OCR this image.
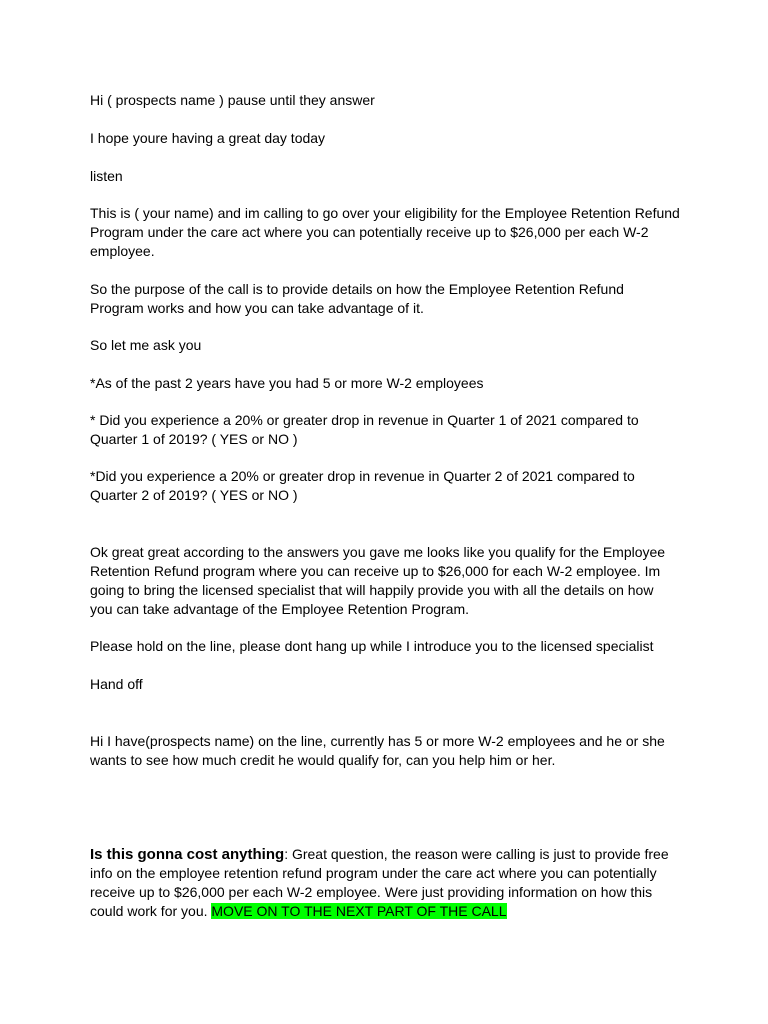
Hi ( prospects name ) pause until they answer

I hope youre having a great day today

listen

This is ( your name) and im calling to go over your eligibility for the Employee Retention Refund Program under the care act where you can potentially receive up to $26,000 per each W-2 employee.

So the purpose of the call is to provide details on how the Employee Retention Refund Program works and how you can take advantage of it.

So let me ask you

*As of the past 2 years have you had 5 or more W-2 employees

* Did you experience a 20% or greater drop in revenue in Quarter 1 of 2021 compared to Quarter 1 of 2019? ( YES or NO )

*Did you experience a 20% or greater drop in revenue in Quarter 2 of 2021 compared to Quarter 2 of 2019? ( YES or NO )

Ok great great according to the answers you gave me looks like you qualify for the Employee Retention Refund program where you can receive up to $26,000 for each W-2 employee. Im going to bring the licensed specialist that will happily provide you with all the details on how you can take advantage of the Employee Retention Program.

Please hold on the line, please dont hang up while I introduce you to the licensed specialist

Hand off

Hi I have(prospects name) on the line, currently has 5 or more W-2 employees and he or she wants to see how much credit he would qualify for, can you help him or her.

Is this gonna cost anything: Great question, the reason were calling is just to provide free info on the employee retention refund program under the care act where you can potentially receive up to $26,000 per each W-2 employee. Were just providing information on how this could work for you. MOVE ON TO THE NEXT PART OF THE CALL
